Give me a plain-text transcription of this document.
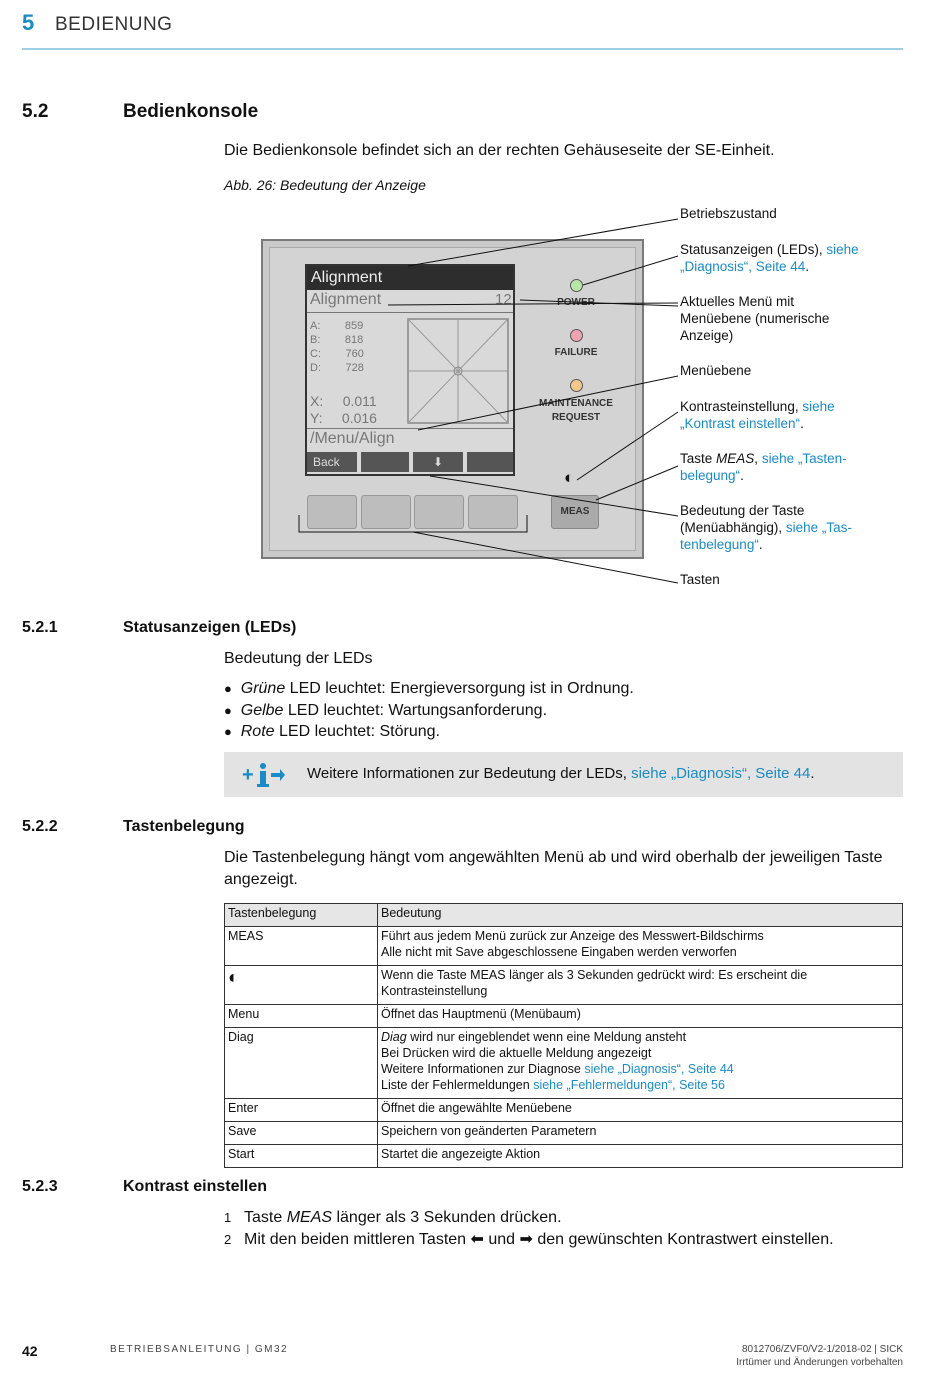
5 BEDIENUNG
5.2	Bedienkonsole
Die Bedienkonsole befindet sich an der rechten Gehäuseseite der SE-Einheit.
Abb. 26: Bedeutung der Anzeige
Alignment
Alignment	12
A: 859
B: 818
C: 760
D: 728
X: 0.011
Y: 0.016
/Menu/Align
Back	⬇
POWER
FAILURE
MAINTENANCE
REQUEST
◐
MEAS
Betriebszustand
Statusanzeigen (LEDs), siehe
„Diagnosis“, Seite 44.
Aktuelles Menü mit
Menüebene (numerische
Anzeige)
Menüebene
Kontrasteinstellung, siehe
„Kontrast einstellen“.
Taste MEAS, siehe „Tasten-
belegung“.
Bedeutung der Taste
(Menüabhängig), siehe „Tas-
tenbelegung“.
Tasten
5.2.1	Statusanzeigen (LEDs)
Bedeutung der LEDs
● Grüne LED leuchtet: Energieversorgung ist in Ordnung.
● Gelbe LED leuchtet: Wartungsanforderung.
● Rote LED leuchtet: Störung.
+	Weitere Informationen zur Bedeutung der LEDs, siehe „Diagnosis“, Seite 44.
5.2.2	Tastenbelegung
Die Tastenbelegung hängt vom angewählten Menü ab und wird oberhalb der jeweiligen Taste angezeigt.
Tastenbelegung	Bedeutung
MEAS	Führt aus jedem Menü zurück zur Anzeige des Messwert-Bildschirms
Alle nicht mit Save abgeschlossene Eingaben werden verworfen

◐	Wenn die Taste MEAS länger als 3 Sekunden gedrückt wird: Es erscheint die Kontrasteinstellung
Menu	Öffnet das Hauptmenü (Menübaum)
Diag	Diag wird nur eingeblendet wenn eine Meldung ansteht
Bei Drücken wird die aktuelle Meldung angezeigt
Weitere Informationen zur Diagnose siehe „Diagnosis“, Seite 44
Liste der Fehlermeldungen siehe „Fehlermeldungen“, Seite 56

Enter	Öffnet die angewählte Menüebene
Save	Speichern von geänderten Parametern
Start	Startet die angezeigte Aktion
5.2.3	Kontrast einstellen
1 Taste MEAS länger als 3 Sekunden drücken.
2 Mit den beiden mittleren Tasten ⬅ und ➡ den gewünschten Kontrastwert einstellen.
42	BETRIEBSANLEITUNG | GM32	8012706/ZVF0/V2-1/2018-02 | SICK
Irrtümer und Änderungen vorbehalten
